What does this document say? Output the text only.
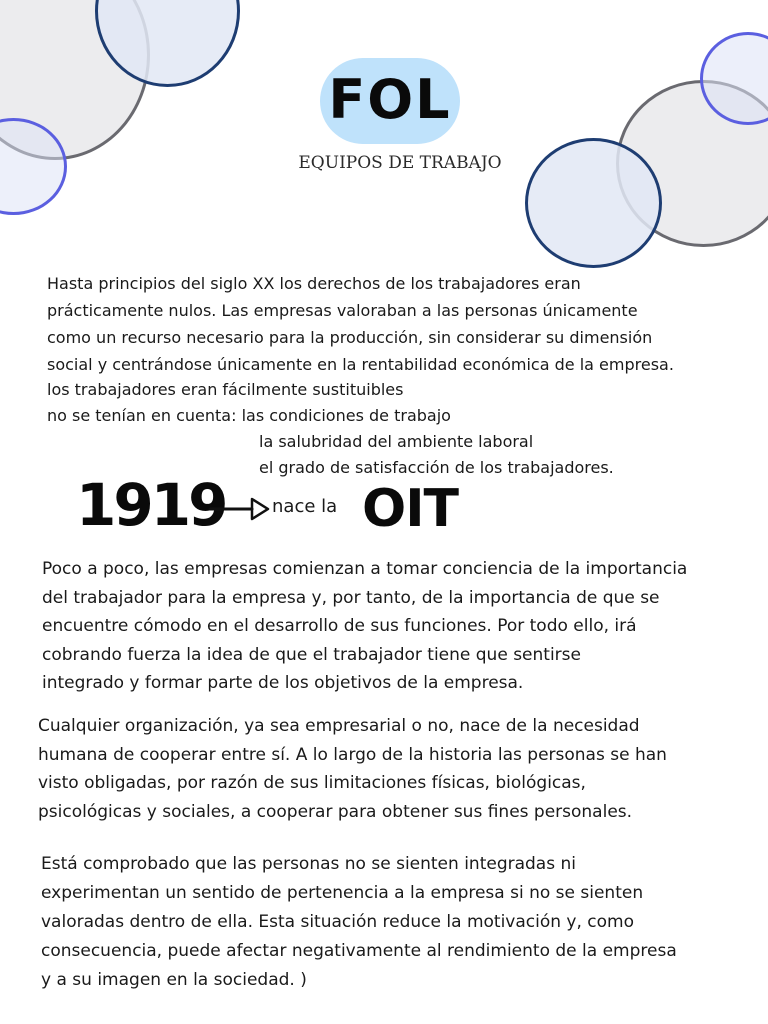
FOL
EQUIPOS DE TRABAJO
Hasta principios del siglo XX los derechos de los trabajadores eran
prácticamente nulos. Las empresas valoraban a las personas únicamente
como un recurso necesario para la producción, sin considerar su dimensión
social y centrándose únicamente en la rentabilidad económica de la empresa.
los trabajadores eran fácilmente sustituibles
no se tenían en cuenta: las condiciones de trabajo
la salubridad del ambiente laboral
el grado de satisfacción de los trabajadores.
1919	nace la OIT
Poco a poco, las empresas comienzan a tomar conciencia de la importancia
del trabajador para la empresa y, por tanto, de la importancia de que se
encuentre cómodo en el desarrollo de sus funciones. Por todo ello, irá
cobrando fuerza la idea de que el trabajador tiene que sentirse
integrado y formar parte de los objetivos de la empresa.
Cualquier organización, ya sea empresarial o no, nace de la necesidad
humana de cooperar entre sí. A lo largo de la historia las personas se han
visto obligadas, por razón de sus limitaciones físicas, biológicas,
psicológicas y sociales, a cooperar para obtener sus fines personales.
Está comprobado que las personas no se sienten integradas ni
experimentan un sentido de pertenencia a la empresa si no se sienten
valoradas dentro de ella. Esta situación reduce la motivación y, como
consecuencia, puede afectar negativamente al rendimiento de la empresa
y a su imagen en la sociedad. )
